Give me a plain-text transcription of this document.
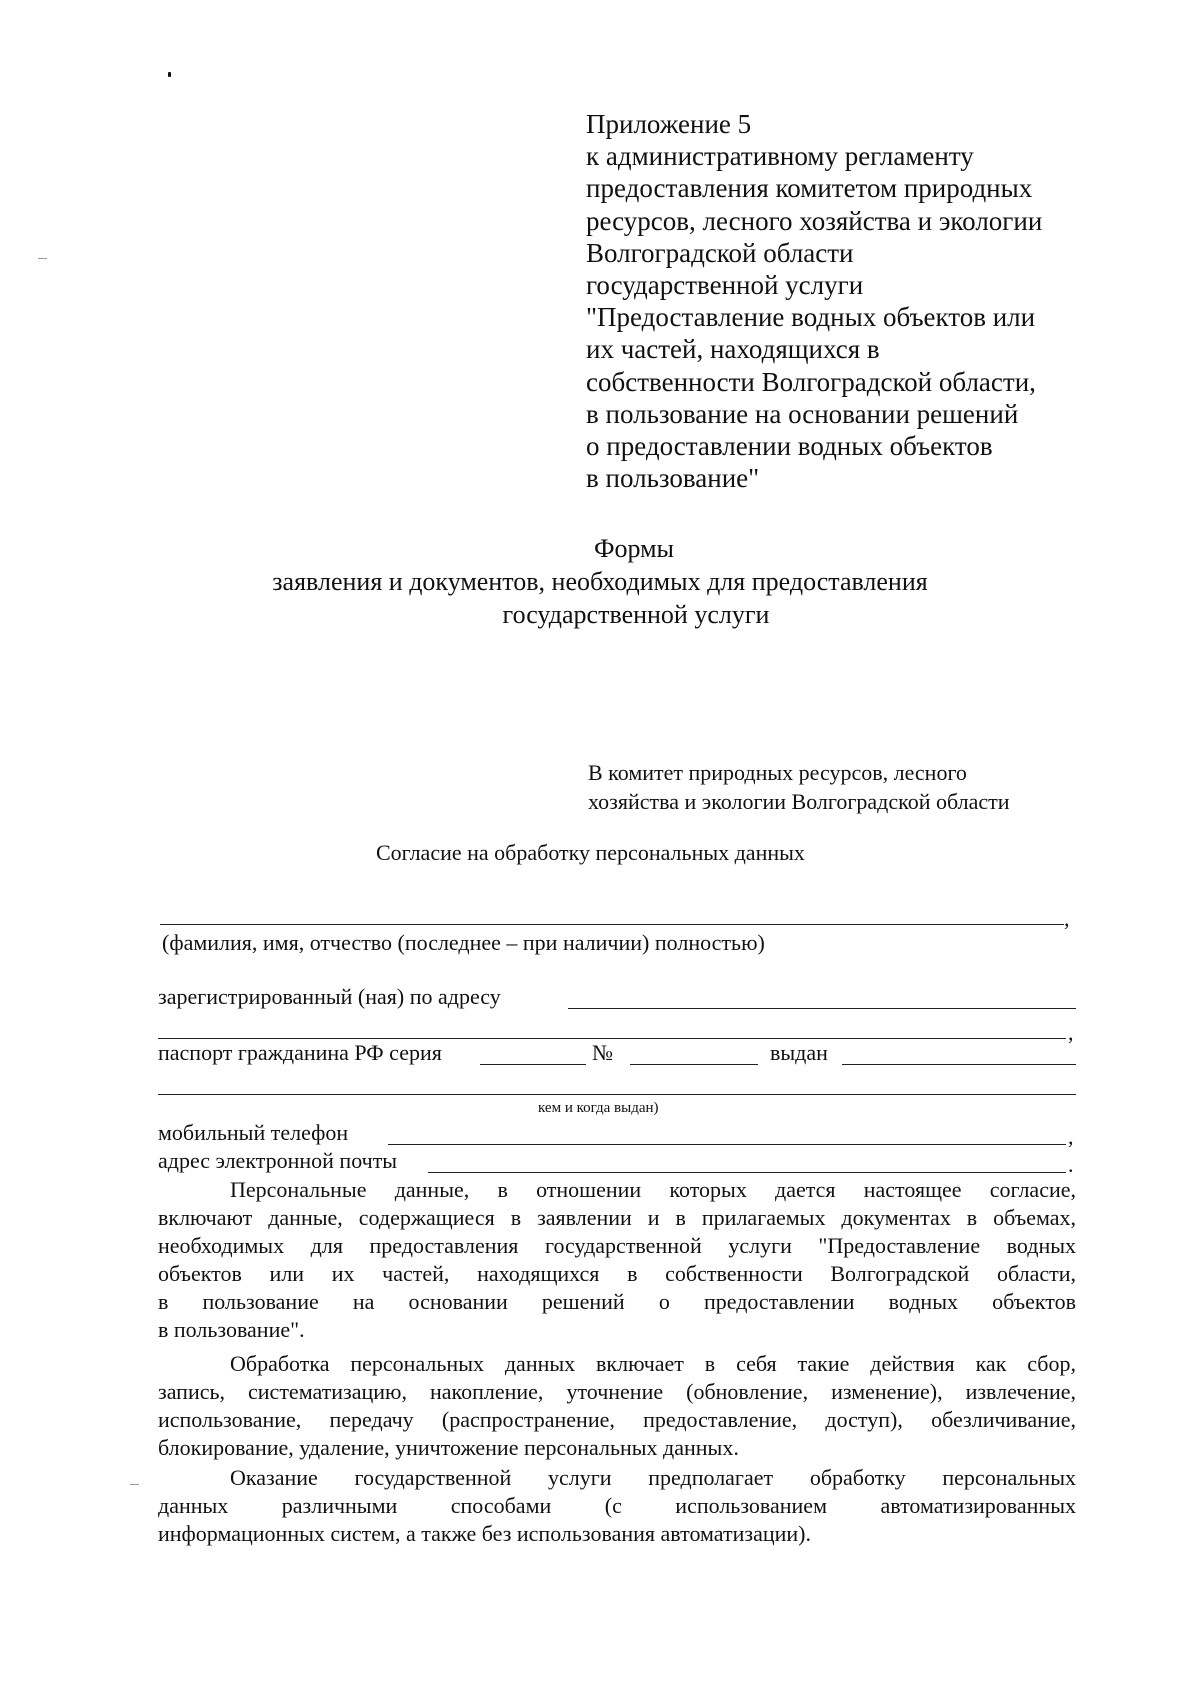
Приложение 5
к административному регламенту
предоставления комитетом природных
ресурсов, лесного хозяйства и экологии
Волгоградской области
государственной услуги
"Предоставление водных объектов или
их частей, находящихся в
собственности Волгоградской области,
в пользование на основании решений
о предоставлении водных объектов
в пользование"
Формы
заявления и документов, необходимых для предоставления
государственной услуги
В комитет природных ресурсов, лесного
хозяйства и экологии Волгоградской области
Согласие на обработку персональных данных
,
(фамилия, имя, отчество (последнее – при наличии) полностью)
зарегистрированный (ная) по адресу
,
паспорт гражданина РФ серия	№	выдан
кем и когда выдан)
мобильный телефон	,
адрес электронной почты	.
Персональные данные, в отношении которых дается настоящее согласие,
включают данные, содержащиеся в заявлении и в прилагаемых документах в объемах,
необходимых для предоставления государственной услуги "Предоставление водных
объектов или их частей, находящихся в собственности Волгоградской области,
в пользование на основании решений о предоставлении водных объектов
в пользование".
Обработка персональных данных включает в себя такие действия как сбор,
запись, систематизацию, накопление, уточнение (обновление, изменение), извлечение,
использование, передачу (распространение, предоставление, доступ), обезличивание,
блокирование, удаление, уничтожение персональных данных.
Оказание государственной услуги предполагает обработку персональных
данных различными способами (с использованием автоматизированных
информационных систем, а также без использования автоматизации).
